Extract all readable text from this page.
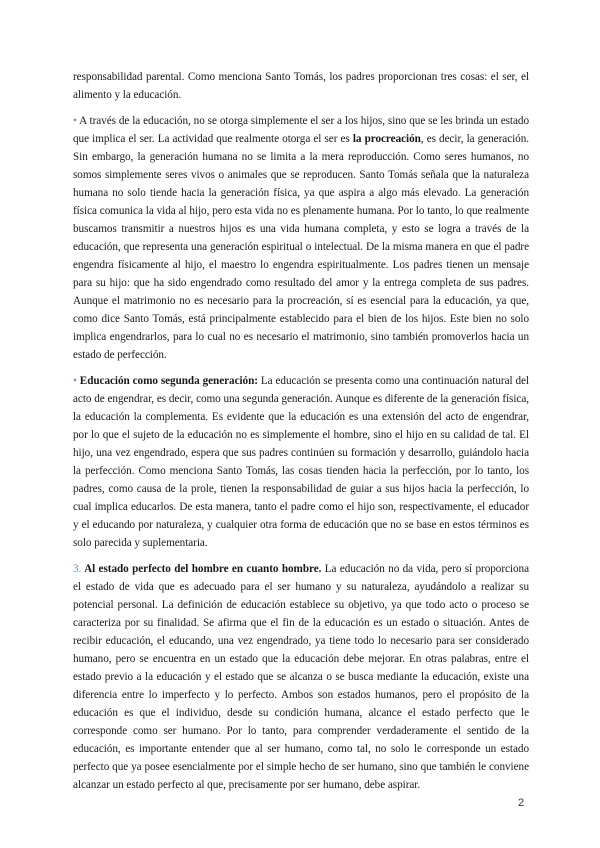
responsabilidad parental. Como menciona Santo Tomás, los padres proporcionan tres cosas: el ser, el alimento y la educación.

• A través de la educación, no se otorga simplemente el ser a los hijos, sino que se les brinda un estado que implica el ser. La actividad que realmente otorga el ser es la procreación, es decir, la generación. Sin embargo, la generación humana no se limita a la mera reproducción. Como seres humanos, no somos simplemente seres vivos o animales que se reproducen. Santo Tomás señala que la naturaleza humana no solo tiende hacia la generación física, ya que aspira a algo más elevado. La generación física comunica la vida al hijo, pero esta vida no es plenamente humana. Por lo tanto, lo que realmente buscamos transmitir a nuestros hijos es una vida humana completa, y esto se logra a través de la educación, que representa una generación espiritual o intelectual. De la misma manera en que el padre engendra físicamente al hijo, el maestro lo engendra espiritualmente. Los padres tienen un mensaje para su hijo: que ha sido engendrado como resultado del amor y la entrega completa de sus padres. Aunque el matrimonio no es necesario para la procreación, sí es esencial para la educación, ya que, como dice Santo Tomás, está principalmente establecido para el bien de los hijos. Este bien no solo implica engendrarlos, para lo cual no es necesario el matrimonio, sino también promoverlos hacia un estado de perfección.

• Educación como segunda generación: La educación se presenta como una continuación natural del acto de engendrar, es decir, como una segunda generación. Aunque es diferente de la generación física, la educación la complementa. Es evidente que la educación es una extensión del acto de engendrar, por lo que el sujeto de la educación no es simplemente el hombre, sino el hijo en su calidad de tal. El hijo, una vez engendrado, espera que sus padres continúen su formación y desarrollo, guiándolo hacia la perfección. Como menciona Santo Tomás, las cosas tienden hacia la perfección, por lo tanto, los padres, como causa de la prole, tienen la responsabilidad de guiar a sus hijos hacia la perfección, lo cual implica educarlos. De esta manera, tanto el padre como el hijo son, respectivamente, el educador y el educando por naturaleza, y cualquier otra forma de educación que no se base en estos términos es solo parecida y suplementaria.

3. Al estado perfecto del hombre en cuanto hombre. La educación no da vida, pero sí proporciona el estado de vida que es adecuado para el ser humano y su naturaleza, ayudándolo a realizar su potencial personal. La definición de educación establece su objetivo, ya que todo acto o proceso se caracteriza por su finalidad. Se afirma que el fin de la educación es un estado o situación. Antes de recibir educación, el educando, una vez engendrado, ya tiene todo lo necesario para ser considerado humano, pero se encuentra en un estado que la educación debe mejorar. En otras palabras, entre el estado previo a la educación y el estado que se alcanza o se busca mediante la educación, existe una diferencia entre lo imperfecto y lo perfecto. Ambos son estados humanos, pero el propósito de la educación es que el individuo, desde su condición humana, alcance el estado perfecto que le corresponde como ser humano. Por lo tanto, para comprender verdaderamente el sentido de la educación, es importante entender que al ser humano, como tal, no solo le corresponde un estado perfecto que ya posee esencialmente por el simple hecho de ser humano, sino que también le conviene alcanzar un estado perfecto al que, precisamente por ser humano, debe aspirar.

2
